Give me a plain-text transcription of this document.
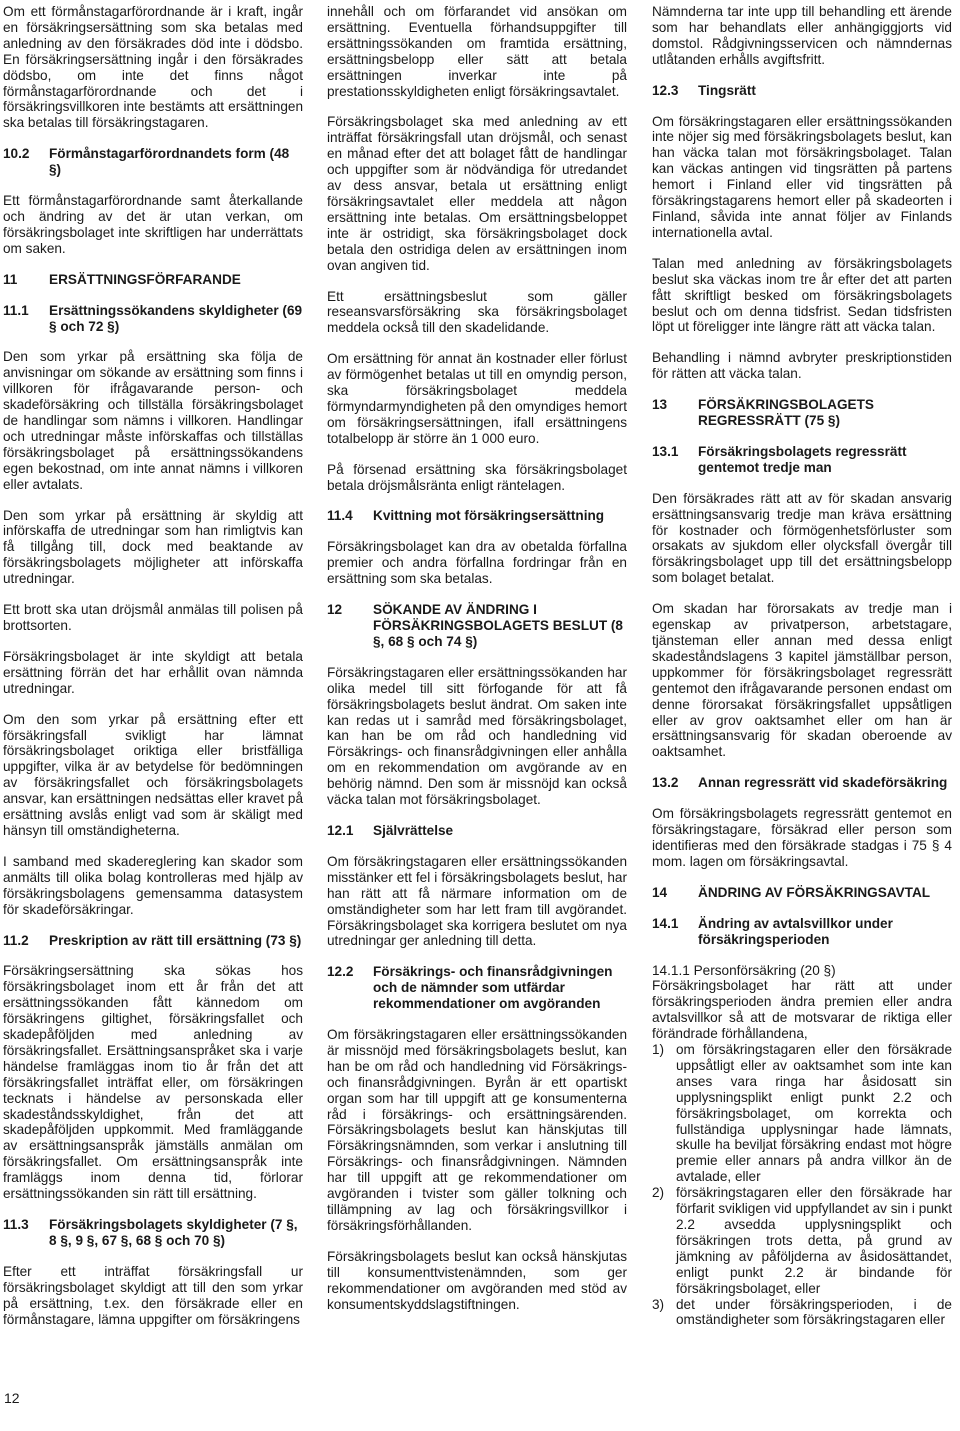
Om ett förmånstagarförordnande är i kraft, ingår en försäkringsersättning som ska betalas med anledning av den försäkrades död inte i dödsbo. En försäkringsersättning ingår i den försäkrades dödsbo, om inte det finns något förmånstagarförordnande och det i försäkringsvillkoren inte bestämts att ersättningen ska betalas till försäkringstagaren.

10.2	Förmånstagarförordnandets form (48 §)

Ett förmånstagarförordnande samt återkallande och ändring av det är utan verkan, om försäkringsbolaget inte skriftligen har underrättats om saken.

11	ERSÄTTNINGSFÖRFARANDE
11.1	Ersättningssökandens skyldigheter (69 § och 72 §)

Den som yrkar på ersättning ska följa de anvisningar om sökande av ersättning som finns i villkoren för ifrågavarande person- och skadeförsäkring och tillställa försäkringsbolaget de handlingar som nämns i villkoren. Handlingar och utredningar måste införskaffas och tillställas försäkringsbolaget på ersättningssökandens egen bekostnad, om inte annat nämns i villkoren eller avtalats.

Den som yrkar på ersättning är skyldig att införskaffa de utredningar som han rimligtvis kan få tillgång till, dock med beaktande av försäkringsbolagets möjligheter att införskaffa utredningar.

Ett brott ska utan dröjsmål anmälas till polisen på brottsorten.

Försäkringsbolaget är inte skyldigt att betala ersättning förrän det har erhållit ovan nämnda utredningar.

Om den som yrkar på ersättning efter ett försäkringsfall svikligt har lämnat försäkringsbolaget oriktiga eller bristfälliga uppgifter, vilka är av betydelse för bedömningen av försäkringsfallet och försäkringsbolagets ansvar, kan ersättningen nedsättas eller kravet på ersättning avslås enligt vad som är skäligt med hänsyn till omständigheterna.

I samband med skadereglering kan skador som anmälts till olika bolag kontrolleras med hjälp av försäkringsbolagens gemensamma datasystem för skadeförsäkringar.

11.2	Preskription av rätt till ersättning (73 §)

Försäkringsersättning ska sökas hos försäkringsbolaget inom ett år från det att ersättningssökanden fått kännedom om försäkringens giltighet, försäkringsfallet och skadepåföljden med anledning av försäkringsfallet. Ersättningsanspråket ska i varje händelse framläggas inom tio år från det att försäkringsfallet inträffat eller, om försäkringen tecknats i händelse av personskada eller skadeståndsskyldighet, från det att skadepåföljden uppkommit. Med framläggande av ersättningsanspråk jämställs anmälan om försäkringsfallet. Om ersättningsanspråk inte framläggs inom denna tid, förlorar ersättningssökanden sin rätt till ersättning.

11.3	Försäkringsbolagets skyldigheter (7 §, 8 §, 9 §, 67 §, 68 § och 70 §)

Efter ett inträffat försäkringsfall ur försäkringsbolaget skyldigt att till den som yrkar på ersättning, t.ex. den försäkrade eller en förmånstagare, lämna uppgifter om försäkringens

innehåll och om förfarandet vid ansökan om ersättning. Eventuella förhandsuppgifter till ersättningssökanden om framtida ersättning, ersättningsbelopp eller sätt att betala ersättningen inverkar inte på prestationsskyldigheten enligt försäkringsavtalet.

Försäkringsbolaget ska med anledning av ett inträffat försäkringsfall utan dröjsmål, och senast en månad efter det att bolaget fått de handlingar och uppgifter som är nödvändiga för utredandet av dess ansvar, betala ut ersättning enligt försäkringsavtalet eller meddela att någon ersättning inte betalas. Om ersättningsbeloppet inte är ostridigt, ska försäkringsbolaget dock betala den ostridiga delen av ersättningen inom ovan angiven tid.

Ett ersättningsbeslut som gäller reseansvarsförsäkring ska försäkringsbolaget meddela också till den skadelidande.

Om ersättning för annat än kostnader eller förlust av förmögenhet betalas ut till en omyndig person, ska försäkringsbolaget meddela förmyndarmyndigheten på den omyndiges hemort om försäkringsersättningen, ifall ersättningens totalbelopp är större än 1 000 euro.

På försenad ersättning ska försäkringsbolaget betala dröjsmålsränta enligt räntelagen.

11.4	Kvittning mot försäkringsersättning

Försäkringsbolaget kan dra av obetalda förfallna premier och andra förfallna fordringar från en ersättning som ska betalas.

12	SÖKANDE AV ÄNDRING I FÖRSÄKRINGSBOLAGETS BESLUT (8 §, 68 § och 74 §)

Försäkringstagaren eller ersättningssökanden har olika medel till sitt förfogande för att få försäkringsbolagets beslut ändrat. Om saken inte kan redas ut i samråd med försäkringsbolaget, kan han be om råd och handledning vid Försäkrings- och finansrådgivningen eller anhålla om en rekommendation om avgörande av en behörig nämnd. Den som är missnöjd kan också väcka talan mot försäkringsbolaget.

12.1	Självrättelse

Om försäkringstagaren eller ersättningssökanden misstänker ett fel i försäkringsbolagets beslut, har han rätt att få närmare information om de omständigheter som har lett fram till avgörandet. Försäkringsbolaget ska korrigera beslutet om nya utredningar ger anledning till detta.

12.2	Försäkrings- och finansrådgivningen och de nämnder som utfärdar rekommendationer om avgöranden

Om försäkringstagaren eller ersättningssökanden är missnöjd med försäkringsbolagets beslut, kan han be om råd och handledning vid Försäkrings- och finansrådgivningen. Byrån är ett opartiskt organ som har till uppgift att ge konsumenterna råd i försäkrings- och ersättningsärenden. Försäkringsbolagets beslut kan hänskjutas till Försäkringsnämnden, som verkar i anslutning till Försäkrings- och finansrådgivningen. Nämnden har till uppgift att ge rekommendationer om avgöranden i tvister som gäller tolkning och tillämpning av lag och försäkringsvillkor i försäkringsförhållanden.

Försäkringsbolagets beslut kan också hänskjutas till konsumenttvistenämnden, som ger rekommendationer om avgöranden med stöd av konsumentskyddslagstiftningen.

Nämnderna tar inte upp till behandling ett ärende som har behandlats eller anhängiggjorts vid domstol. Rådgivningsservicen och nämndernas utlåtanden erhålls avgiftsfritt.

12.3	Tingsrätt

Om försäkringstagaren eller ersättningssökanden inte nöjer sig med försäkringsbolagets beslut, kan han väcka talan mot försäkringsbolaget. Talan kan väckas antingen vid tingsrätten på partens hemort i Finland eller vid tingsrätten på försäkringstagarens hemort eller på skadeorten i Finland, såvida inte annat följer av Finlands internationella avtal.

Talan med anledning av försäkringsbolagets beslut ska väckas inom tre år efter det att parten fått skriftligt besked om försäkringsbolagets beslut och om denna tidsfrist. Sedan tidsfristen löpt ut föreligger inte längre rätt att väcka talan.

Behandling i nämnd avbryter preskriptionstiden för rätten att väcka talan.

13	FÖRSÄKRINGSBOLAGETS REGRESSRÄTT (75 §)
13.1	Försäkringsbolagets regressrätt gentemot tredje man

Den försäkrades rätt att av för skadan ansvarig ersättningsansvarig tredje man kräva ersättning för kostnader och förmögenhetsförluster som orsakats av sjukdom eller olycksfall övergår till försäkringsbolaget upp till det ersättningsbelopp som bolaget betalat.

Om skadan har förorsakats av tredje man i egenskap av privatperson, arbetstagare, tjänsteman eller annan med dessa enligt skadeståndslagens 3 kapitel jämställbar person, uppkommer för försäkringsbolaget regressrätt gentemot den ifrågavarande personen endast om denne förorsakat försäkringsfallet uppsåtligen eller av grov oaktsamhet eller om han är ersättningsansvarig för skadan oberoende av oaktsamhet.

13.2	Annan regressrätt vid skadeförsäkring

Om försäkringsbolagets regressrätt gentemot en försäkringstagare, försäkrad eller person som identifieras med den försäkrade stadgas i 75 § 4 mom. lagen om försäkringsavtal.

14	ÄNDRING AV FÖRSÄKRINGSAVTAL
14.1	Ändring av avtalsvillkor under försäkringsperioden

14.1.1 Personförsäkring (20 §)

Försäkringsbolaget har rätt att under försäkringsperioden ändra premien eller andra avtalsvillkor så att de motsvarar de riktiga eller förändrade förhållandena,

1) om försäkringstagaren eller den försäkrade uppsåtligt eller av oaktsamhet som inte kan anses vara ringa har åsidosatt sin upplysningsplikt enligt punkt 2.2 och försäkringsbolaget, om korrekta och fullständiga upplysningar hade lämnats, skulle ha beviljat försäkring endast mot högre premie eller annars på andra villkor än de avtalade, eller
2) försäkringstagaren eller den försäkrade har förfarit svikligen vid uppfyllandet av sin i punkt 2.2 avsedda upplysningsplikt och försäkringen trots detta, på grund av jämkning av påföljderna av åsidosättandet, enligt punkt 2.2 är bindande för försäkringsbolaget, eller
3) det under försäkringsperioden, i de omständigheter som försäkringstagaren eller
12
